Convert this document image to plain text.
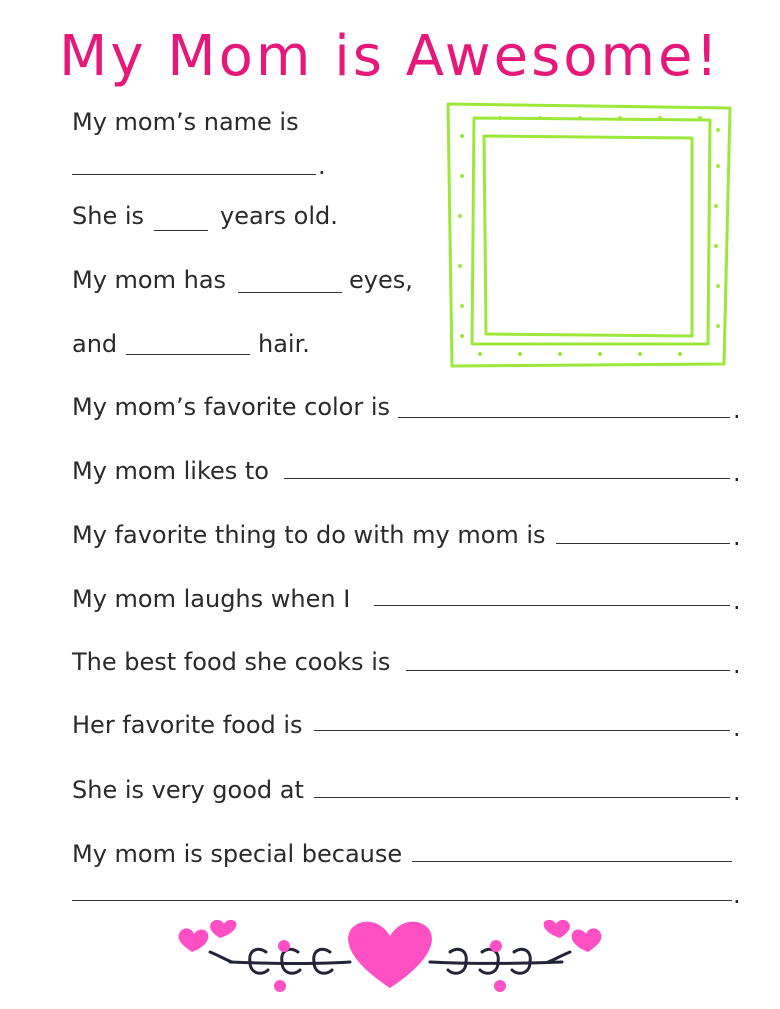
My Mom is Awesome!
My mom’s name is
.
She is	years old.
My mom has	eyes,
and	hair.
My mom’s favorite color is	.
My mom likes to	.
My favorite thing to do with my mom is	.
My mom laughs when I	.
The best food she cooks is	.
Her favorite food is	.
She is very good at	.
My mom is special because
.
